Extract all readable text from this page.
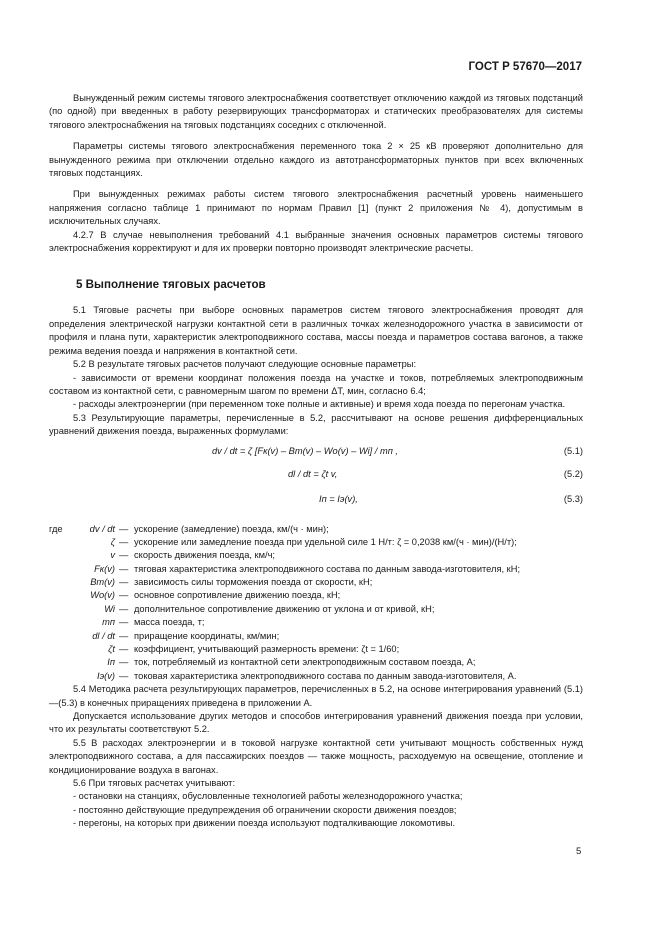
ГОСТ Р 57670—2017

Вынужденный режим системы тягового электроснабжения соответствует отключению каждой из тяговых подстанций (по одной) при введенных в работу резервирующих трансформаторах и статических преобразователях для системы тягового электроснабжения на тяговых подстанциях соседних с отключенной.

Параметры системы тягового электроснабжения переменного тока 2 × 25 кВ проверяют дополнительно для вынужденного режима при отключении отдельно каждого из автотрансформаторных пунктов при всех включенных тяговых подстанциях.

При вынужденных режимах работы систем тягового электроснабжения расчетный уровень наименьшего напряжения согласно таблице 1 принимают по нормам Правил [1] (пункт 2 приложения № 4), допустимым в исключительных случаях.

4.2.7 В случае невыполнения требований 4.1 выбранные значения основных параметров системы тягового электроснабжения корректируют и для их проверки повторно производят электрические расчеты.

5 Выполнение тяговых расчетов

5.1 Тяговые расчеты при выборе основных параметров систем тягового электроснабжения проводят для определения электрической нагрузки контактной сети в различных точках железнодорожного участка в зависимости от профиля и плана пути, характеристик электроподвижного состава, массы поезда и параметров состава вагонов, а также режима ведения поезда и напряжения в контактной сети.

5.2 В результате тяговых расчетов получают следующие основные параметры:

- зависимости от времени координат положения поезда на участке и токов, потребляемых электроподвижным составом из контактной сети, с равномерным шагом по времени ΔT, мин, согласно 6.4;

- расходы электроэнергии (при переменном токе полные и активные) и время хода поезда по перегонам участка.

5.3 Результирующие параметры, перечисленные в 5.2, рассчитывают на основе решения дифференциальных уравнений движения поезда, выраженных формулами:

dv / dt = ζ [Fк(v) – Bт(v) – Wо(v) – Wi] / mп ,	(5.1)
dl / dt = ζt v,	(5.2)
Iп = Iэ(v),	(5.3)
где	dv / dt — ускорение (замедление) поезда, км/(ч · мин);
ζ — ускорение или замедление поезда при удельной силе 1 Н/т: ζ = 0,2038 км/(ч · мин)/(Н/т);
v — скорость движения поезда, км/ч;
Fк(v) — тяговая характеристика электроподвижного состава по данным завода-изготовителя, кН;
Bт(v) — зависимость силы торможения поезда от скорости, кН;
Wо(v) — основное сопротивление движению поезда, кН;
Wi — дополнительное сопротивление движению от уклона и от кривой, кН;
mп — масса поезда, т;
dl / dt — приращение координаты, км/мин;
ζt — коэффициент, учитывающий размерность времени: ζt = 1/60;
Iп — ток, потребляемый из контактной сети электроподвижным составом поезда, А;
Iэ(v) — токовая характеристика электроподвижного состава по данным завода-изготовителя, А.

5.4 Методика расчета результирующих параметров, перечисленных в 5.2, на основе интегрирования уравнений (5.1)—(5.3) в конечных приращениях приведена в приложении А.

Допускается использование других методов и способов интегрирования уравнений движения поезда при условии, что их результаты соответствуют 5.2.

5.5 В расходах электроэнергии и в токовой нагрузке контактной сети учитывают мощность собственных нужд электроподвижного состава, а для пассажирских поездов — также мощность, расходуемую на освещение, отопление и кондиционирование воздуха в вагонах.

5.6 При тяговых расчетах учитывают:

- остановки на станциях, обусловленные технологией работы железнодорожного участка;

- постоянно действующие предупреждения об ограничении скорости движения поездов;

- перегоны, на которых при движении поезда используют подталкивающие локомотивы.

5
